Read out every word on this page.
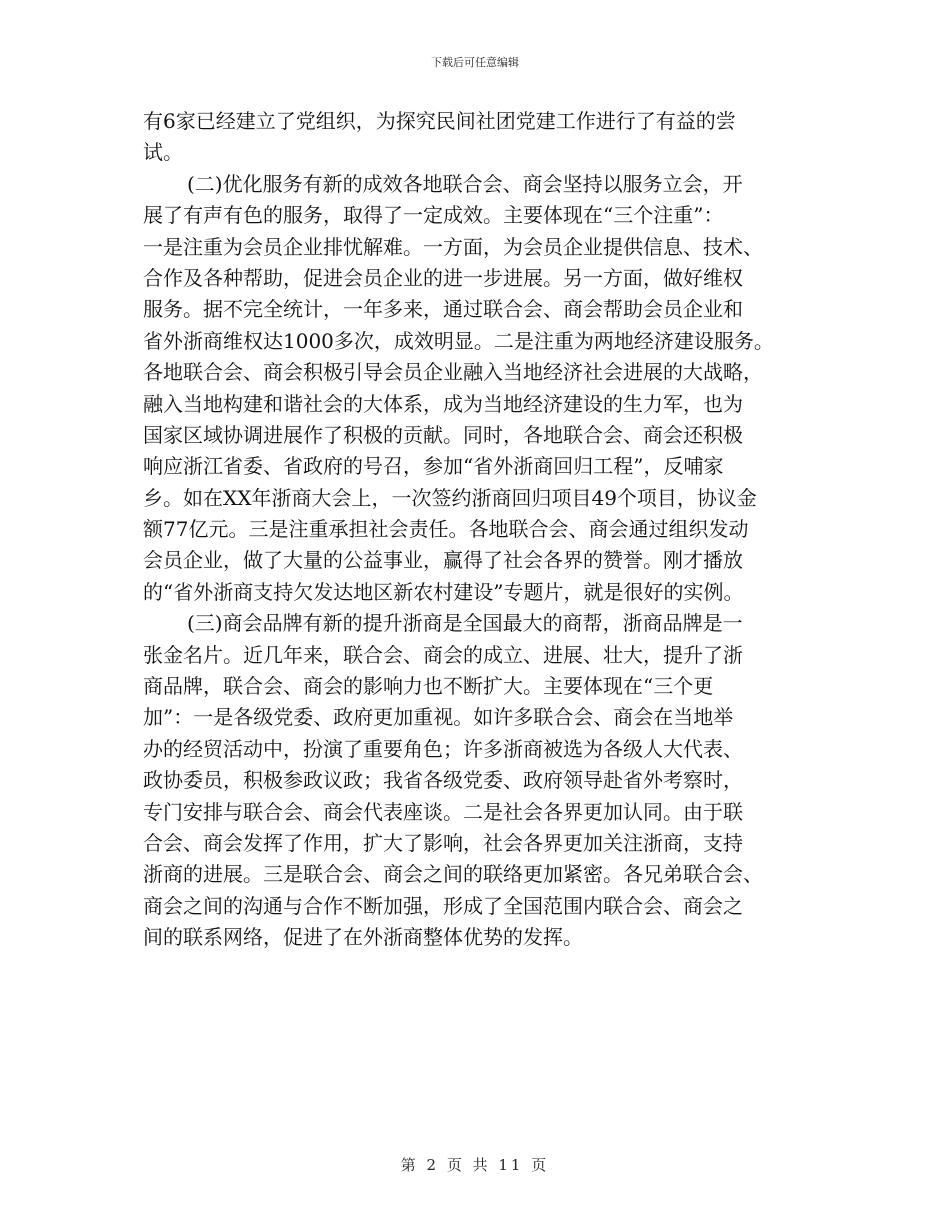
下载后可任意编辑
有6家已经建立了党组织，为探究民间社团党建工作进行了有益的尝
试。
(二)优化服务有新的成效各地联合会、商会坚持以服务立会，开
展了有声有色的服务，取得了一定成效。主要体现在“三个注重”：
一是注重为会员企业排忧解难。一方面，为会员企业提供信息、技术、
合作及各种帮助，促进会员企业的进一步进展。另一方面，做好维权
服务。据不完全统计，一年多来，通过联合会、商会帮助会员企业和
省外浙商维权达1000多次，成效明显。二是注重为两地经济建设服务。
各地联合会、商会积极引导会员企业融入当地经济社会进展的大战略，
融入当地构建和谐社会的大体系，成为当地经济建设的生力军，也为
国家区域协调进展作了积极的贡献。同时，各地联合会、商会还积极
响应浙江省委、省政府的号召，参加“省外浙商回归工程”，反哺家
乡。如在XX年浙商大会上，一次签约浙商回归项目49个项目，协议金
额77亿元。三是注重承担社会责任。各地联合会、商会通过组织发动
会员企业，做了大量的公益事业，赢得了社会各界的赞誉。刚才播放
的“省外浙商支持欠发达地区新农村建设”专题片，就是很好的实例。
(三)商会品牌有新的提升浙商是全国最大的商帮，浙商品牌是一
张金名片。近几年来，联合会、商会的成立、进展、壮大，提升了浙
商品牌，联合会、商会的影响力也不断扩大。主要体现在“三个更
加”：一是各级党委、政府更加重视。如许多联合会、商会在当地举
办的经贸活动中，扮演了重要角色；许多浙商被选为各级人大代表、
政协委员，积极参政议政；我省各级党委、政府领导赴省外考察时，
专门安排与联合会、商会代表座谈。二是社会各界更加认同。由于联
合会、商会发挥了作用，扩大了影响，社会各界更加关注浙商，支持
浙商的进展。三是联合会、商会之间的联络更加紧密。各兄弟联合会、
商会之间的沟通与合作不断加强，形成了全国范围内联合会、商会之
间的联系网络，促进了在外浙商整体优势的发挥。
第 2 页 共 11 页
